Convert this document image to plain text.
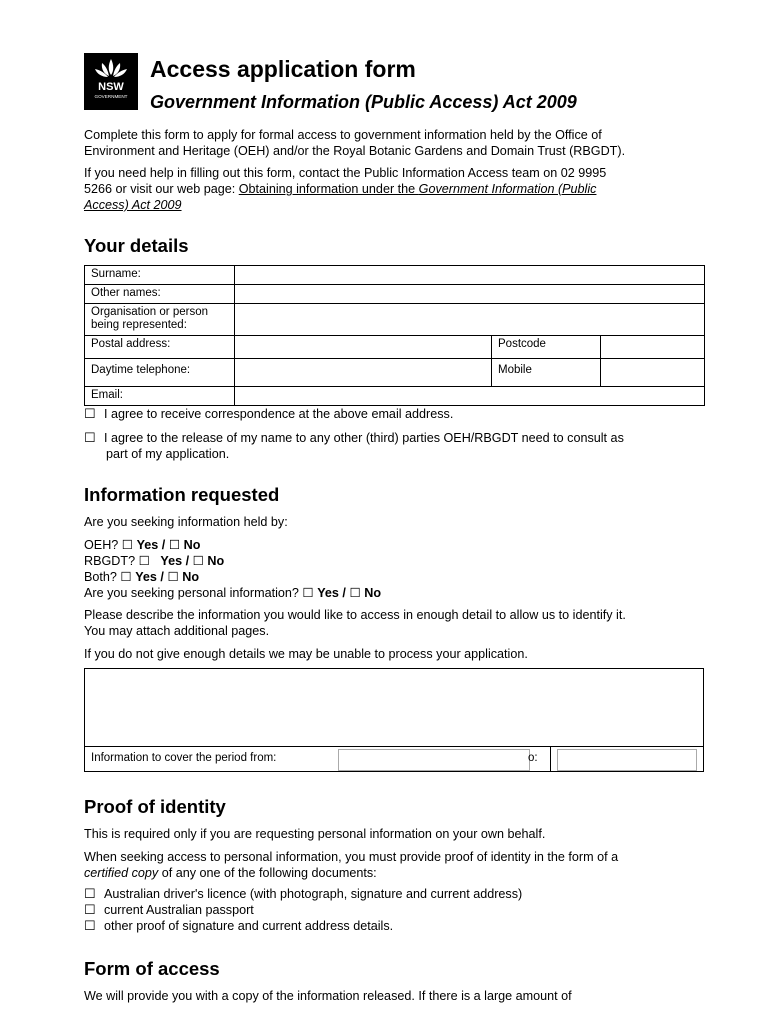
NSW
GOVERNMENT
Access application form
Government Information (Public Access) Act 2009
Complete this form to apply for formal access to government information held by the Office of
Environment and Heritage (OEH) and/or the Royal Botanic Gardens and Domain Trust (RBGDT).
If you need help in filling out this form, contact the Public Information Access team on 02 9995
5266 or visit our web page: Obtaining information under the Government Information (Public
Access) Act 2009
Your details
Surname:			
Other names:			
Organisation or person
being represented:			
Postal address:		Postcode	
Daytime telephone:		Mobile	
Email:			
☐ I agree to receive correspondence at the above email address.
☐ I agree to the release of my name to any other (third) parties OEH/RBGDT need to consult as
part of my application.
Information requested
Are you seeking information held by:
OEH? ☐ Yes / ☐ No
RBGDT? ☐ Yes / ☐ No
Both? ☐ Yes / ☐ No
Are you seeking personal information? ☐ Yes / ☐ No
Please describe the information you would like to access in enough detail to allow us to identify it.
You may attach additional pages.
If you do not give enough details we may be unable to process your application.
Information to cover the period from:	o:
Proof of identity
This is required only if you are requesting personal information on your own behalf.
When seeking access to personal information, you must provide proof of identity in the form of a
certified copy of any one of the following documents:
☐ Australian driver's licence (with photograph, signature and current address)
☐ current Australian passport
☐ other proof of signature and current address details.
Form of access
We will provide you with a copy of the information released. If there is a large amount of
